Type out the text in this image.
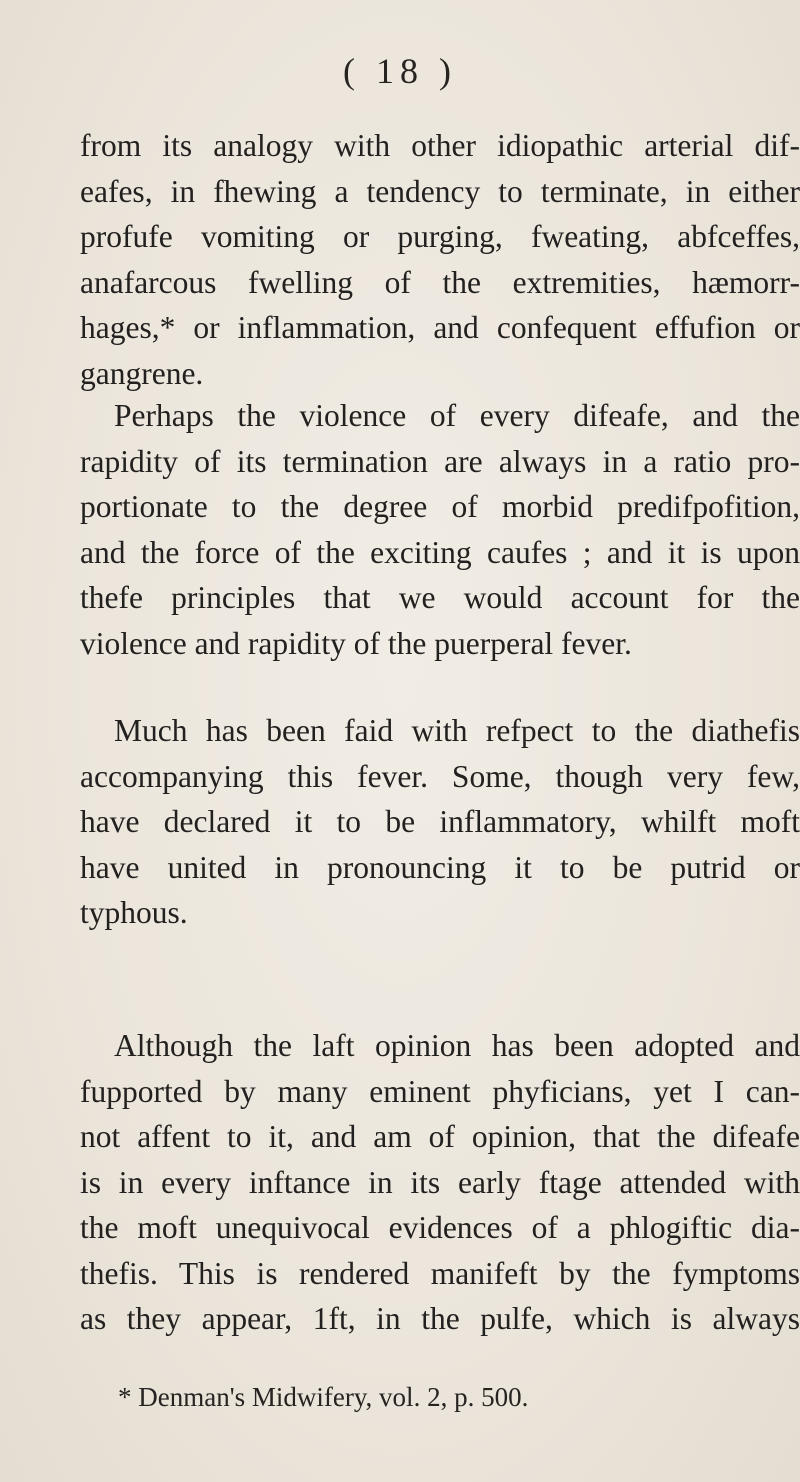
( 18 )
from its analogy with other idiopathic arterial dif-
eafes, in fhewing a tendency to terminate, in either
profufe vomiting or purging, fweating, abfceffes,
anafarcous fwelling of the extremities, hæmorr-
hages,* or inflammation, and confequent effufion or
gangrene.
Perhaps the violence of every difeafe, and the
rapidity of its termination are always in a ratio pro-
portionate to the degree of morbid predifpofition,
and the force of the exciting caufes ; and it is upon
thefe principles that we would account for the
violence and rapidity of the puerperal fever.
Much has been faid with refpect to the diathefis
accompanying this fever. Some, though very few,
have declared it to be inflammatory, whilft moft
have united in pronouncing it to be putrid or
typhous.
Although the laft opinion has been adopted and
fupported by many eminent phyficians, yet I can-
not affent to it, and am of opinion, that the difeafe
is in every inftance in its early ftage attended with
the moft unequivocal evidences of a phlogiftic dia-
thefis. This is rendered manifeft by the fymptoms
as they appear, 1ft, in the pulfe, which is always
* Denman's Midwifery, vol. 2, p. 500.
